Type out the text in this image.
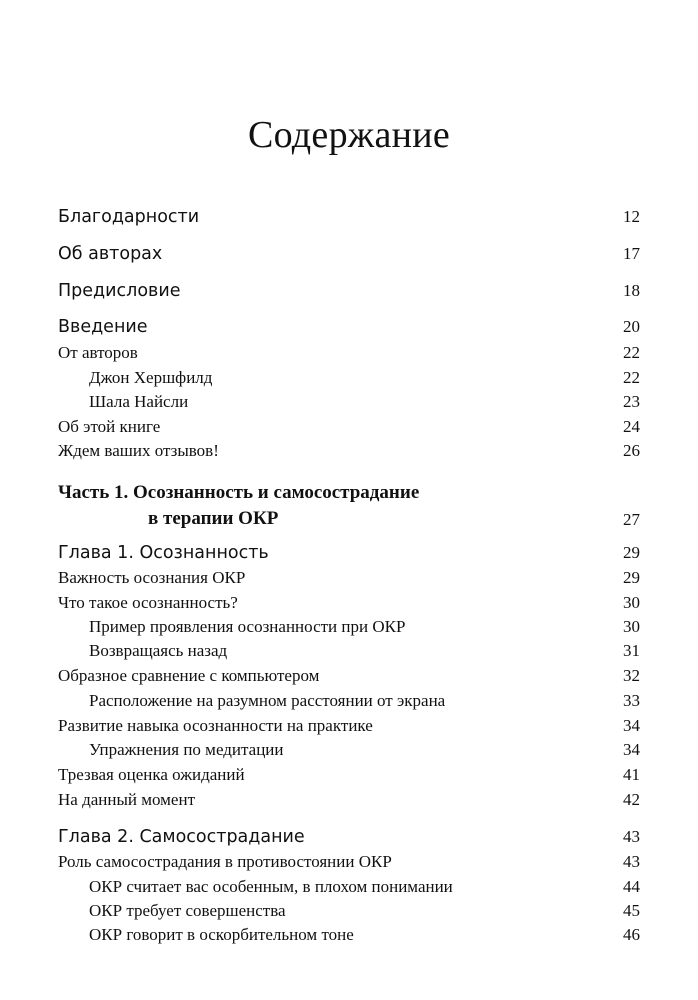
Содержание
Благодарности	12
Об авторах	17
Предисловие	18
Введение	20
От авторов	22
Джон Хершфилд	22
Шала Найсли	23
Об этой книге	24
Ждем ваших отзывов!	26
Часть 1. Осознанность и самосострадание
в терапии ОКР	27
Глава 1. Осознанность	29
Важность осознания ОКР	29
Что такое осознанность?	30
Пример проявления осознанности при ОКР	30
Возвращаясь назад	31
Образное сравнение с компьютером	32
Расположение на разумном расстоянии от экрана	33
Развитие навыка осознанности на практике	34
Упражнения по медитации	34
Трезвая оценка ожиданий	41
На данный момент	42
Глава 2. Самосострадание	43
Роль самосострадания в противостоянии ОКР	43
ОКР считает вас особенным, в плохом понимании	44
ОКР требует совершенства	45
ОКР говорит в оскорбительном тоне	46
